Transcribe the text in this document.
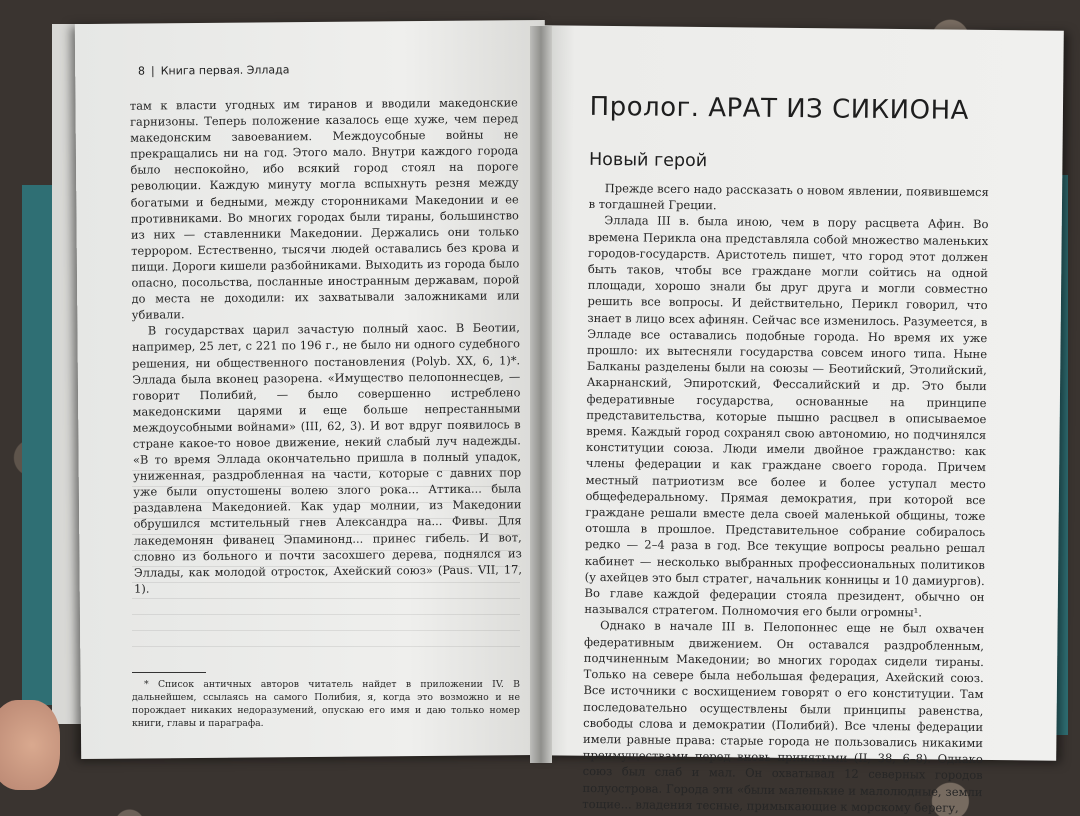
8 | Книга первая. Эллада

там к власти угодных им тиранов и вводили македонские гарнизоны. Теперь положение казалось еще хуже, чем перед македонским завоеванием. Междоусобные войны не прекращались ни на год. Этого мало. Внутри каждого города было неспокойно, ибо всякий город стоял на пороге революции. Каждую минуту могла вспыхнуть резня между богатыми и бедными, между сторонниками Македонии и ее противниками. Во многих городах были тираны, большинство из них — ставленники Македонии. Держались они только террором. Естественно, тысячи людей оставались без крова и пищи. Дороги кишели разбойниками. Выходить из города было опасно, посольства, посланные иностранным державам, порой до места не доходили: их захватывали заложниками или убивали.

В государствах царил зачастую полный хаос. В Беотии, например, 25 лет, с 221 по 196 г., не было ни одного судебного решения, ни общественного постановления (Polyb. XX, 6, 1)*. Эллада была вконец разорена. «Имущество пелопоннесцев, — говорит Полибий, — было совершенно истреблено македонскими царями и еще больше непрестанными междоусобными войнами» (III, 62, 3). И вот вдруг появилось в стране какое-то новое движение, некий слабый луч надежды. «В то время Эллада окончательно пришла в полный упадок, униженная, раздробленная на части, которые с давних пор уже были опустошены волею злого рока... Аттика... была раздавлена Македонией. Как удар молнии, из Македонии обрушился мстительный гнев Александра на... Фивы. Для лакедемонян фиванец Эпаминонд... принес гибель. И вот, словно из больного и почти засохшего дерева, поднялся из Эллады, как молодой отросток, Ахейский союз» (Paus. VII, 17, 1).

* Список античных авторов читатель найдет в приложении IV. В дальнейшем, ссылаясь на самого Полибия, я, когда это возможно и не порождает никаких недоразумений, опускаю его имя и даю только номер книги, главы и параграфа.

Пролог. АРАТ ИЗ СИКИОНА
Новый герой

Прежде всего надо рассказать о новом явлении, появившемся в тогдашней Греции.

Эллада III в. была иною, чем в пору расцвета Афин. Во времена Перикла она представляла собой множество маленьких городов-государств. Аристотель пишет, что город этот должен быть таков, чтобы все граждане могли сойтись на одной площади, хорошо знали бы друг друга и могли совместно решить все вопросы. И действительно, Перикл говорил, что знает в лицо всех афинян. Сейчас все изменилось. Разумеется, в Элладе все оставались подобные города. Но время их уже прошло: их вытесняли государства совсем иного типа. Ныне Балканы разделены были на союзы — Беотийский, Этолийский, Акарнанский, Эпиротский, Фессалийский и др. Это были федеративные государства, основанные на принципе представительства, которые пышно расцвел в описываемое время. Каждый город сохранял свою автономию, но подчинялся конституции союза. Люди имели двойное гражданство: как члены федерации и как граждане своего города. Причем местный патриотизм все более и более уступал место общефедеральному. Прямая демократия, при которой все граждане решали вместе дела своей маленькой общины, тоже отошла в прошлое. Представительное собрание собиралось редко — 2–4 раза в год. Все текущие вопросы реально решал кабинет — несколько выбранных профессиональных политиков (у ахейцев это был стратег, начальник конницы и 10 дамиургов). Во главе каждой федерации стояла президент, обычно он назывался стратегом. Полномочия его были огромны¹.

Однако в начале III в. Пелопоннес еще не был охвачен федеративным движением. Он оставался раздробленным, подчиненным Македонии; во многих городах сидели тираны. Только на севере была небольшая федерация, Ахейский союз. Все источники с восхищением говорят о его конституции. Там последовательно осуществлены были принципы равенства, свободы слова и демократии (Полибий). Все члены федерации имели равные права: старые города не пользовались никакими преимуществами перед вновь принятыми (II, 38, 6–8). Однако союз был слаб и мал. Он охватывал 12 северных городов полуострова. Города эти «были маленькие и малолюдные, земли тощие... владения тесные, примыкающие к морскому берегу,
